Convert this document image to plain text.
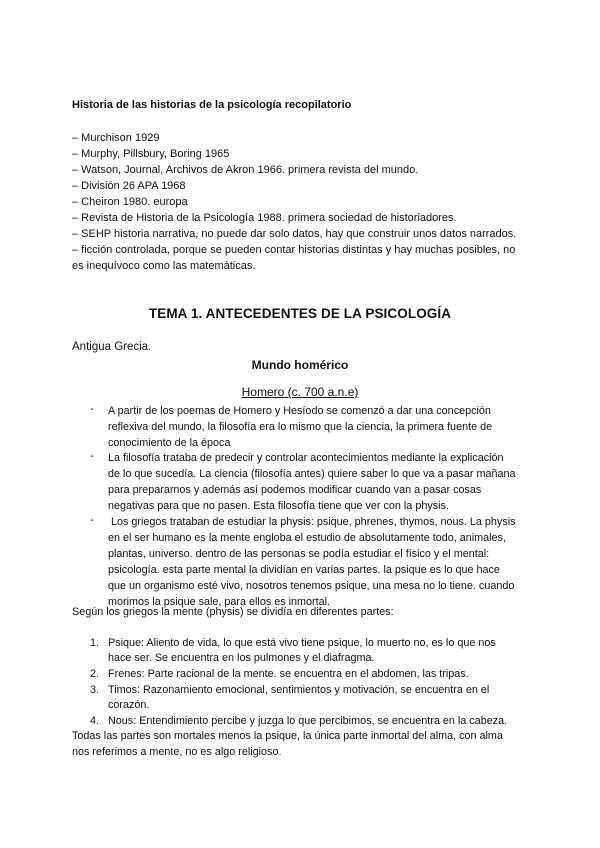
Historia de las historias de la psicología recopilatorio
– Murchison 1929
– Murphy, Pillsbury, Boring 1965
– Watson, Journal, Archivos de Akron 1966. primera revista del mundo.
– División 26 APA 1968
– Cheiron 1980. europa
– Revista de Historia de la Psicología 1988. primera sociedad de historiadores.
– SEHP historia narrativa, no puede dar solo datos, hay que construir unos datos narrados.
– ficción controlada, porque se pueden contar historias distintas y hay muchas posibles, no
es inequívoco como las matemáticas.
TEMA 1. ANTECEDENTES DE LA PSICOLOGÍA
Antigua Grecia.
Mundo homérico
Homero (c. 700 a.n.e)
- A partir de los poemas de Homero y Hesíodo se comenzó a dar una concepción
reflexiva del mundo, la filosofía era lo mismo que la ciencia, la primera fuente de
conocimiento de la época
- La filosofía trataba de predecir y controlar acontecimientos mediante la explicación
de lo que sucedía. La ciencia (filosofía antes) quiere saber lo que va a pasar mañana
para prepararnos y además así podemos modificar cuando van a pasar cosas
negativas para que no pasen. Esta filosofía tiene que ver con la physis.
- Los griegos trataban de estudiar la physis: psique, phrenes, thymos, nous. La physis
en el ser humano es la mente engloba el estudio de absolutamente todo, animales,
plantas, universo. dentro de las personas se podía estudiar el físico y el mental:
psicología. esta parte mental la dividían en varias partes. la psique es lo que hace
que un organismo esté vivo, nosotros tenemos psique, una mesa no lo tiene. cuando
morimos la psique sale, para ellos es inmortal.
Según los griegos la mente (physis) se dividía en diferentes partes:
1. Psique: Aliento de vida, lo que está vivo tiene psique, lo muerto no, es lo que nos
hace ser. Se encuentra en los pulmones y el diafragma.
2. Frenes: Parte racional de la mente. se encuentra en el abdomen, las tripas.
3. Timos: Razonamiento emocional, sentimientos y motivación, se encuentra en el
corazón.
4. Nous: Entendimiento percibe y juzga lo que percibimos, se encuentra en la cabeza.
Todas las partes son mortales menos la psique, la única parte inmortal del alma, con alma
nos referimos a mente, no es algo religioso.
